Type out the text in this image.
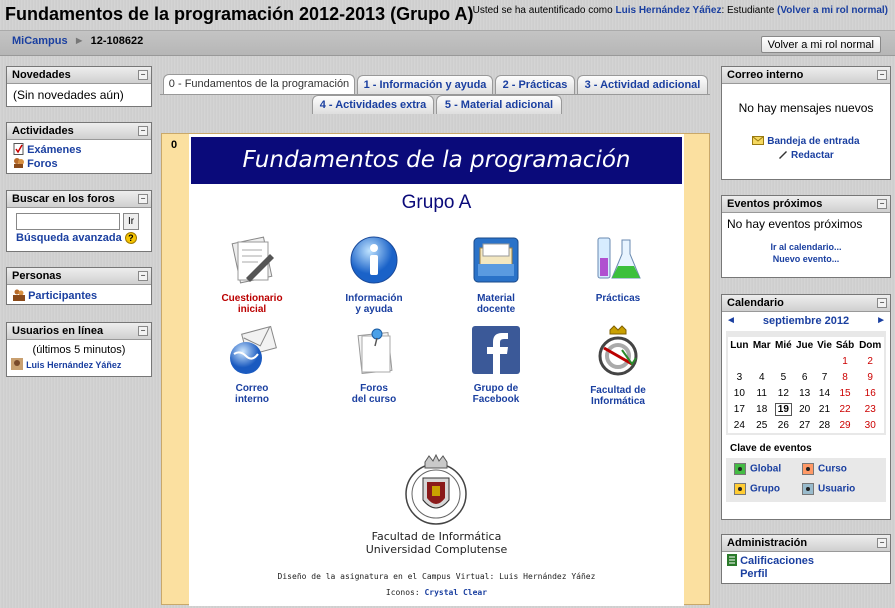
Fundamentos de la programación 2012-2013 (Grupo A) Usted se ha autentificado como Luis Hernández Yáñez: Estudiante (Volver a mi rol normal)
MiCampus ► 12-108622	Volver a mi rol normal
Novedades	−
(Sin novedades aún)
Actividades	−
Exámenes
Foros
Buscar en los foros	−
Ir
Búsqueda avanzada ?
Personas	−
Participantes
Usuarios en línea	−
(últimos 5 minutos)
Luis Hernández Yáñez
0 - Fundamentos de la programación	1 - Información y ayuda	2 - Prácticas	3 - Actividad adicional
4 - Actividades extra	5 - Material adicional
0
Fundamentos de la programación
Grupo A
Cuestionario
inicial
Información
y ayuda
Material
docente
Prácticas
Correo
interno
Foros
del curso
Grupo de
Facebook
Facultad de
Informática
Facultad de Informática
Universidad Complutense
Diseño de la asignatura en el Campus Virtual: Luis Hernández Yáñez
Iconos: Crystal Clear
Correo interno	−
No hay mensajes nuevos
Bandeja de entrada
Redactar
Eventos próximos	−
No hay eventos próximos
Ir al calendario...
Nuevo evento...
Calendario	−
◄	septiembre 2012	►
Lun	Mar	Mié	Jue	Vie	Sáb	Dom
					1	2
3	4	5	6	7	8	9
10	11	12	13	14	15	16
17	18	19	20	21	22	23
24	25	26	27	28	29	30
Clave de eventos
Global	Curso
Grupo	Usuario
Administración	−
Calificaciones
Perfil
